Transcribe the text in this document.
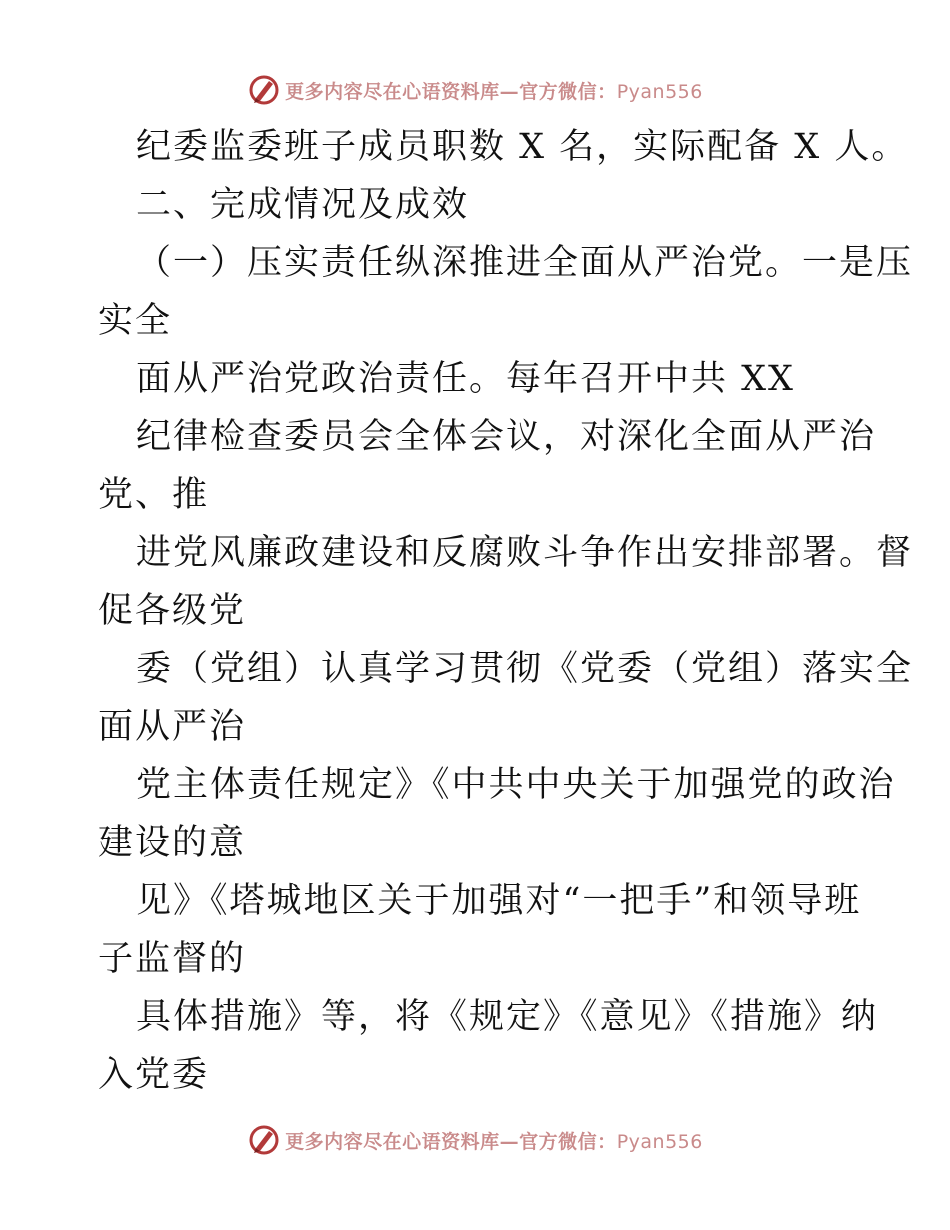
更多内容尽在心语资料库—官方微信：Pyan556
纪委监委班子成员职数 X 名，实际配备 X 人。
二、完成情况及成效
（一）压实责任纵深推进全面从严治党。一是压
实全
面从严治党政治责任。每年召开中共 XX
纪律检查委员会全体会议，对深化全面从严治
党、推
进党风廉政建设和反腐败斗争作出安排部署。督
促各级党
委（党组）认真学习贯彻《党委（党组）落实全
面从严治
党主体责任规定》《中共中央关于加强党的政治
建设的意
见》《塔城地区关于加强对“一把手”和领导班
子监督的
具体措施》等，将《规定》《意见》《措施》纳
入党委
更多内容尽在心语资料库—官方微信：Pyan556
